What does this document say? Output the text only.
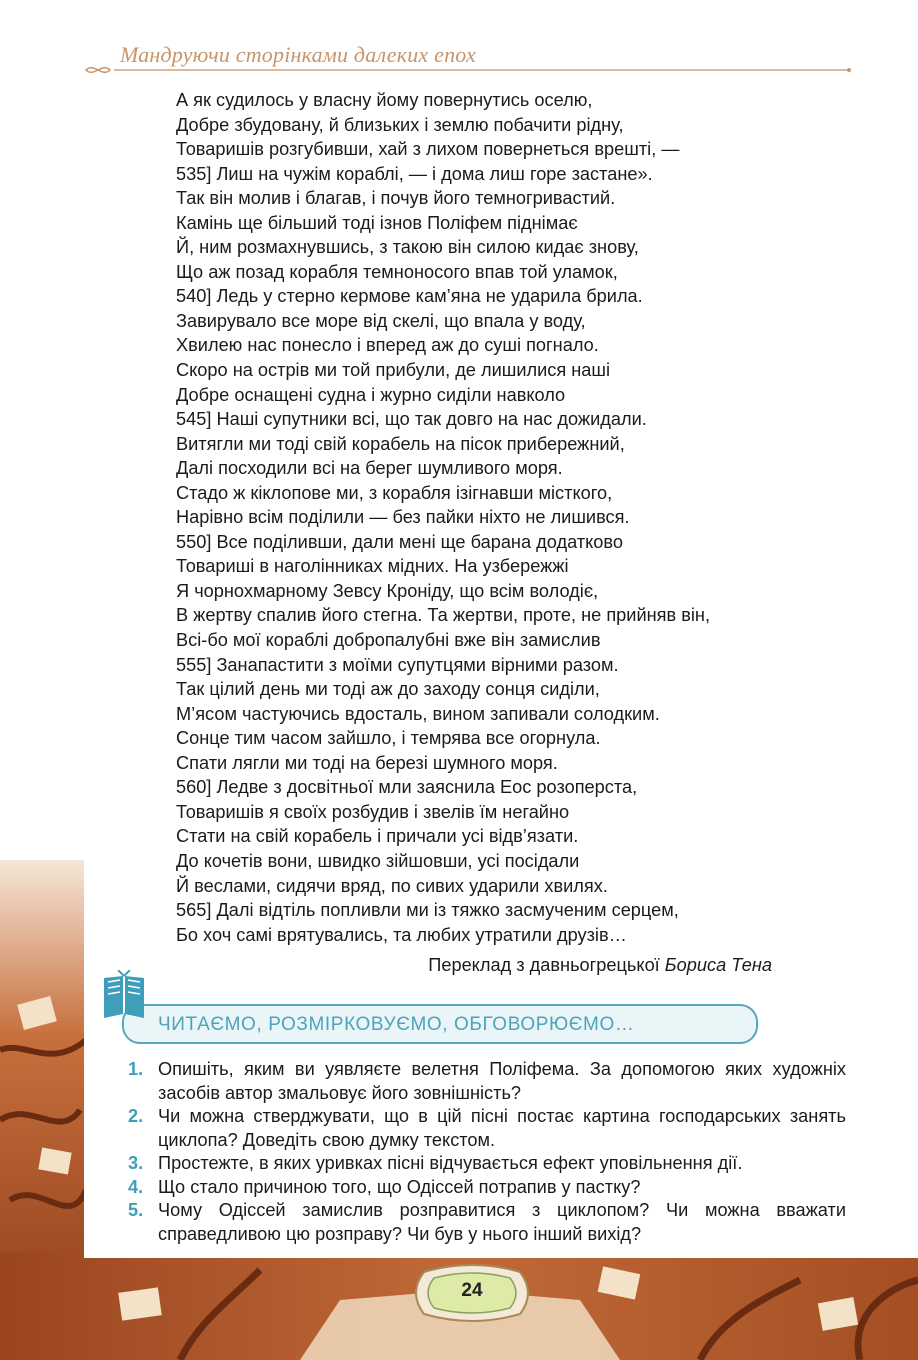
Мандруючи сторінками далеких епох
А як судилось у власну йому повернутись оселю,
Добре збудовану, й близьких і землю побачити рідну,
Товаришів розгубивши, хай з лихом повернеться врешті, —
535] Лиш на чужім кораблі, — і дома лиш горе застане».
Так він молив і благав, і почув його темногривастий.
Камінь ще більший тоді ізнов Поліфем піднімає
Й, ним розмахнувшись, з такою він силою кидає знову,
Що аж позад корабля темноносого впав той уламок,
540] Ледь у стерно кермове кам’яна не ударила брила.
Завирувало все море від скелі, що впала у воду,
Хвилею нас понесло і вперед аж до суші погнало.
Скоро на острів ми той прибули, де лишилися наші
Добре оснащені судна і журно сиділи навколо
545] Наші супутники всі, що так довго на нас дожидали.
Витягли ми тоді свій корабель на пісок прибережний,
Далі посходили всі на берег шумливого моря.
Стадо ж кіклопове ми, з корабля ізігнавши місткого,
Нарівно всім поділили — без пайки ніхто не лишився.
550] Все поділивши, дали мені ще барана додатково
Товариші в наголінниках мідних. На узбережжі
Я чорнохмарному Зевсу Кроніду, що всім володіє,
В жертву спалив його стегна. Та жертви, проте, не прийняв він,
Всі-бо мої кораблі добропалубні вже він замислив
555] Занапастити з моїми супутцями вірними разом.
Так цілий день ми тоді аж до заходу сонця сиділи,
М’ясом частуючись вдосталь, вином запивали солодким.
Сонце тим часом зайшло, і темрява все огорнула.
Спати лягли ми тоді на березі шумного моря.
560] Ледве з досвітньої мли заяснила Еос розоперста,
Товаришів я своїх розбудив і звелів їм негайно
Стати на свій корабель і причали усі відв’язати.
До кочетів вони, швидко зійшовши, усі посідали
Й веслами, сидячи вряд, по сивих ударили хвилях.
565] Далі відтіль попливли ми із тяжко засмученим серцем,
Бо хоч самі врятувались, та любих утратили друзів…
Переклад з давньогрецької Бориса Тена
ЧИТАЄМО, РОЗМІРКОВУЄМО, ОБГОВОРЮЄМО…
1. Опишіть, яким ви уявляєте велетня Поліфема. За допомогою яких художніх засобів автор змальовує його зовнішність?
2. Чи можна стверджувати, що в цій пісні постає картина господарських занять циклопа? Доведіть свою думку текстом.
3. Простежте, в яких уривках пісні відчувається ефект уповільнення дії.
4. Що стало причиною того, що Одіссей потрапив у пастку?
5. Чому Одіссей замислив розправитися з циклопом? Чи можна вважати справедливою цю розправу? Чи був у нього інший вихід?
24
